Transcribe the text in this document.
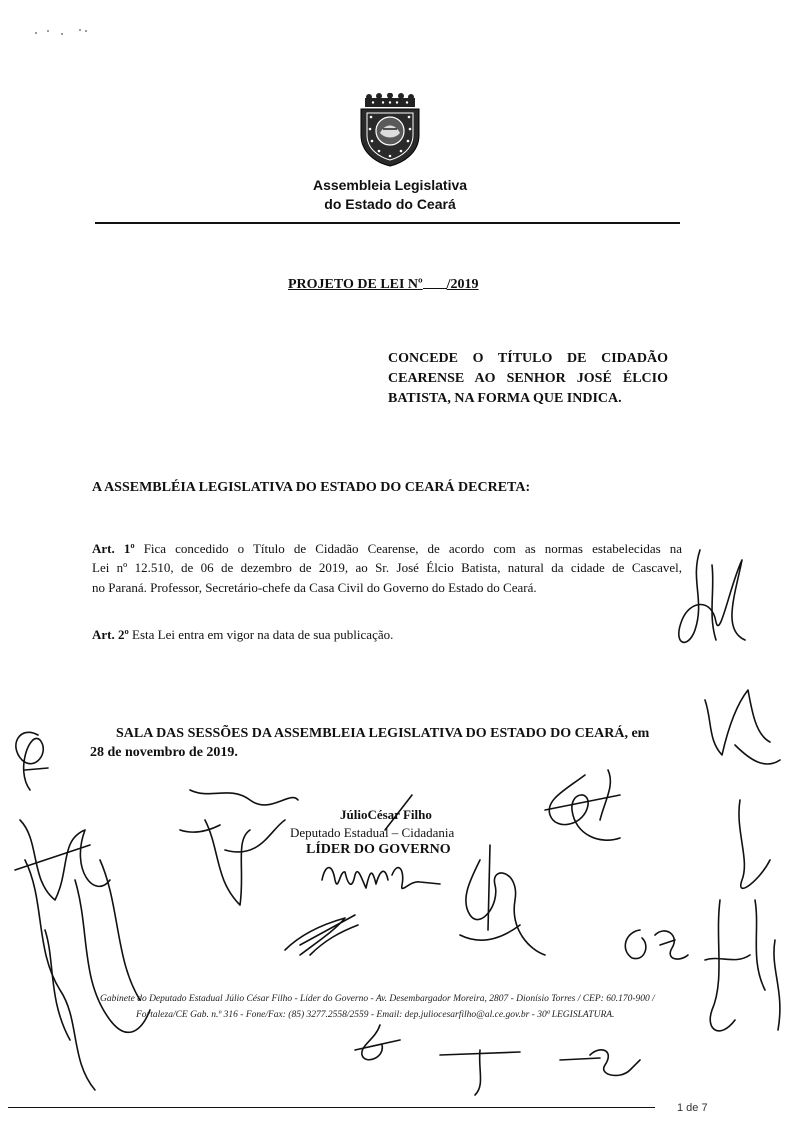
Assembleia Legislativa
do Estado do Ceará
PROJETO DE LEI Nº /2019
CONCEDE O TÍTULO DE CIDADÃO
CEARENSE AO SENHOR JOSÉ ÉLCIO
BATISTA, NA FORMA QUE INDICA.
A ASSEMBLÉIA LEGISLATIVA DO ESTADO DO CEARÁ DECRETA:
Art. 1º Fica concedido o Título de Cidadão Cearense, de acordo com as normas estabelecidas na
Lei nº 12.510, de 06 de dezembro de 2019, ao Sr. José Élcio Batista, natural da cidade de Cascavel,
no Paraná. Professor, Secretário-chefe da Casa Civil do Governo do Estado do Ceará.
Art. 2º Esta Lei entra em vigor na data de sua publicação.
SALA DAS SESSÕES DA ASSEMBLEIA LEGISLATIVA DO ESTADO DO CEARÁ, em
28 de novembro de 2019.
JúlioCésar Filho
Deputado Estadual – Cidadania
LÍDER DO GOVERNO
Gabinete do Deputado Estadual Júlio César Filho - Líder do Governo - Av. Desembargador Moreira, 2807 - Dionísio Torres / CEP: 60.170-900 /
Fortaleza/CE Gab. n.º 316 - Fone/Fax: (85) 3277.2558/2559 - Email: dep.juliocesarfilho@al.ce.gov.br - 30ª LEGISLATURA.
1 de 7
